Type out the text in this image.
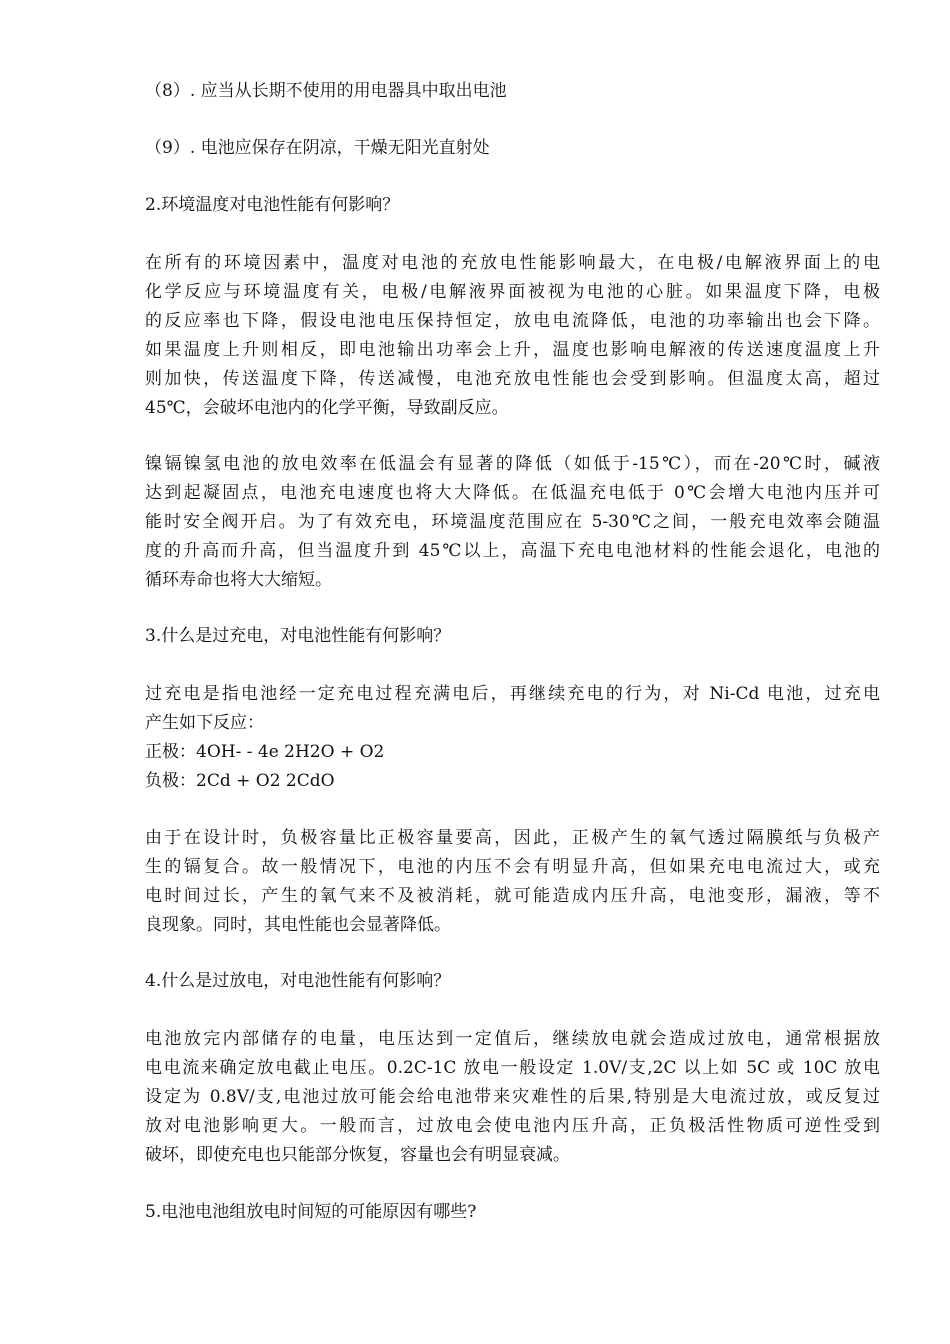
（8）. 应当从长期不使用的用电器具中取出电池

（9）. 电池应保存在阴凉，干燥无阳光直射处

2.环境温度对电池性能有何影响？

在所有的环境因素中，温度对电池的充放电性能影响最大，在电极/电解液界面上的电
化学反应与环境温度有关，电极/电解液界面被视为电池的心脏。如果温度下降，电极
的反应率也下降，假设电池电压保持恒定，放电电流降低，电池的功率输出也会下降。
如果温度上升则相反，即电池输出功率会上升，温度也影响电解液的传送速度温度上升
则加快，传送温度下降，传送减慢，电池充放电性能也会受到影响。但温度太高，超过
45℃，会破坏电池内的化学平衡，导致副反应。

镍镉镍氢电池的放电效率在低温会有显著的降低（如低于-15℃），而在-20℃时，碱液
达到起凝固点，电池充电速度也将大大降低。在低温充电低于 0℃会增大电池内压并可
能时安全阀开启。为了有效充电，环境温度范围应在 5-30℃之间，一般充电效率会随温
度的升高而升高，但当温度升到 45℃以上，高温下充电电池材料的性能会退化，电池的
循环寿命也将大大缩短。

3.什么是过充电，对电池性能有何影响？

过充电是指电池经一定充电过程充满电后，再继续充电的行为，对 Ni-Cd 电池，过充电
产生如下反应：
正极：4OH- - 4e 2H2O + O2
负极：2Cd + O2 2CdO

由于在设计时，负极容量比正极容量要高，因此，正极产生的氧气透过隔膜纸与负极产
生的镉复合。故一般情况下，电池的内压不会有明显升高，但如果充电电流过大，或充
电时间过长，产生的氧气来不及被消耗，就可能造成内压升高，电池变形，漏液，等不
良现象。同时，其电性能也会显著降低。

4.什么是过放电，对电池性能有何影响？

电池放完内部储存的电量，电压达到一定值后，继续放电就会造成过放电，通常根据放
电电流来确定放电截止电压。0.2C-1C 放电一般设定 1.0V/支,2C 以上如 5C 或 10C 放电
设定为 0.8V/支,电池过放可能会给电池带来灾难性的后果,特别是大电流过放，或反复过
放对电池影响更大。一般而言，过放电会使电池内压升高，正负极活性物质可逆性受到
破坏，即使充电也只能部分恢复，容量也会有明显衰减。

5.电池电池组放电时间短的可能原因有哪些?
